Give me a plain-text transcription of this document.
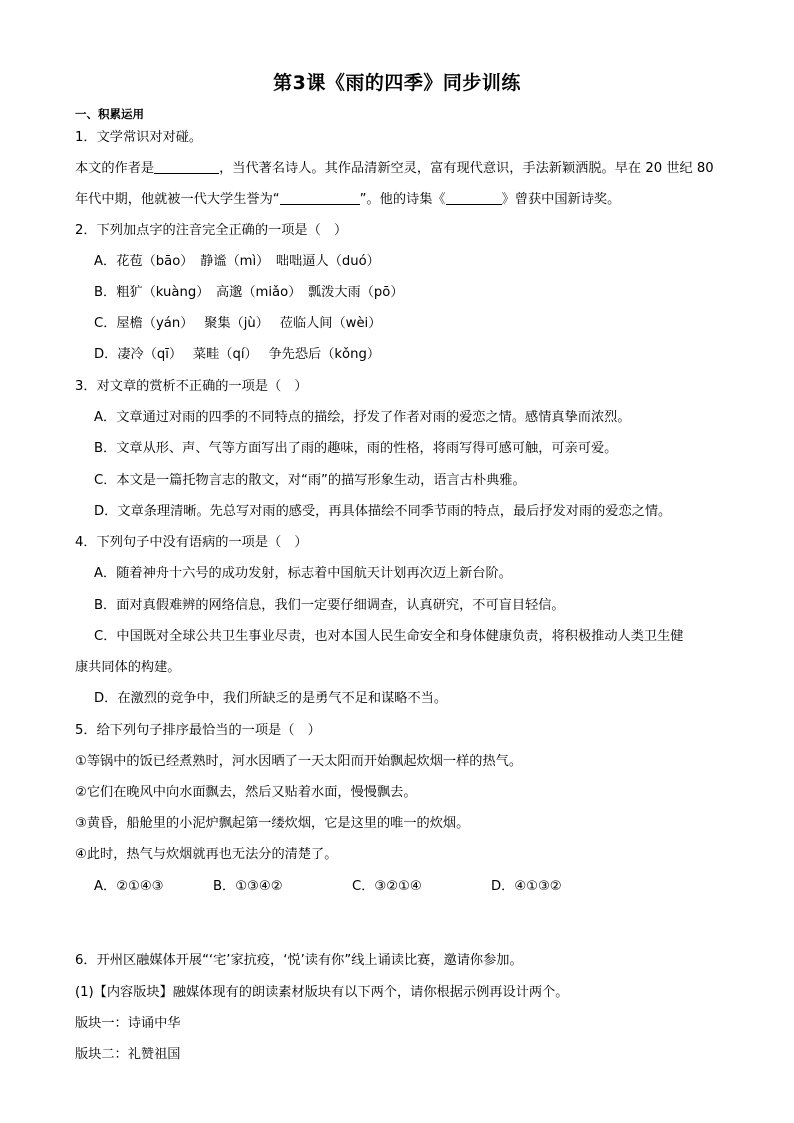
第3课《雨的四季》同步训练
一、积累运用
1．文学常识对对碰。
本文的作者是	，当代著名诗人。其作品清新空灵，富有现代意识，手法新颖洒脱。早在 20 世纪 80
年代中期，他就被一代大学生誉为“	”。他的诗集《	》曾获中国新诗奖。
2．下列加点字的注音完全正确的一项是（　）
A．花苞（bāo）　静谧（mì）　咄咄逼人（duó）
B．粗犷（kuàng）　高邈（miǎo）　瓢泼大雨（pō）
C．屋檐（yán）　 聚集（jù）　 莅临人间（wèi）
D．凄冷（qī）　 菜畦（qí）　 争先恐后（kǒng）
3．对文章的赏析不正确的一项是（　）
A．文章通过对雨的四季的不同特点的描绘，抒发了作者对雨的爱恋之情。感情真挚而浓烈。
B．文章从形、声、气等方面写出了雨的趣味，雨的性格，将雨写得可感可触，可亲可爱。
C．本文是一篇托物言志的散文，对“雨”的描写形象生动，语言古朴典雅。
D．文章条理清晰。先总写对雨的感受，再具体描绘不同季节雨的特点，最后抒发对雨的爱恋之情。
4．下列句子中没有语病的一项是（　）
A．随着神舟十六号的成功发射，标志着中国航天计划再次迈上新台阶。
B．面对真假难辨的网络信息，我们一定要仔细调查，认真研究，不可盲目轻信。
C．中国既对全球公共卫生事业尽责，也对本国人民生命安全和身体健康负责，将积极推动人类卫生健
康共同体的构建。
D．在激烈的竞争中，我们所缺乏的是勇气不足和谋略不当。
5．给下列句子排序最恰当的一项是（　）
①等锅中的饭已经煮熟时，河水因晒了一天太阳而开始飘起炊烟一样的热气。
②它们在晚风中向水面飘去，然后又贴着水面，慢慢飘去。
③黄昏，船舱里的小泥炉飘起第一缕炊烟，它是这里的唯一的炊烟。
④此时，热气与炊烟就再也无法分的清楚了。
A．②①④③	B．①③④②	C．③②①④	D．④①③②
6．开州区融媒体开展“‘宅’家抗疫，‘悦’读有你”线上诵读比赛，邀请你参加。
(1)【内容版块】融媒体现有的朗读素材版块有以下两个，请你根据示例再设计两个。
版块一：诗诵中华
版块二：礼赞祖国
